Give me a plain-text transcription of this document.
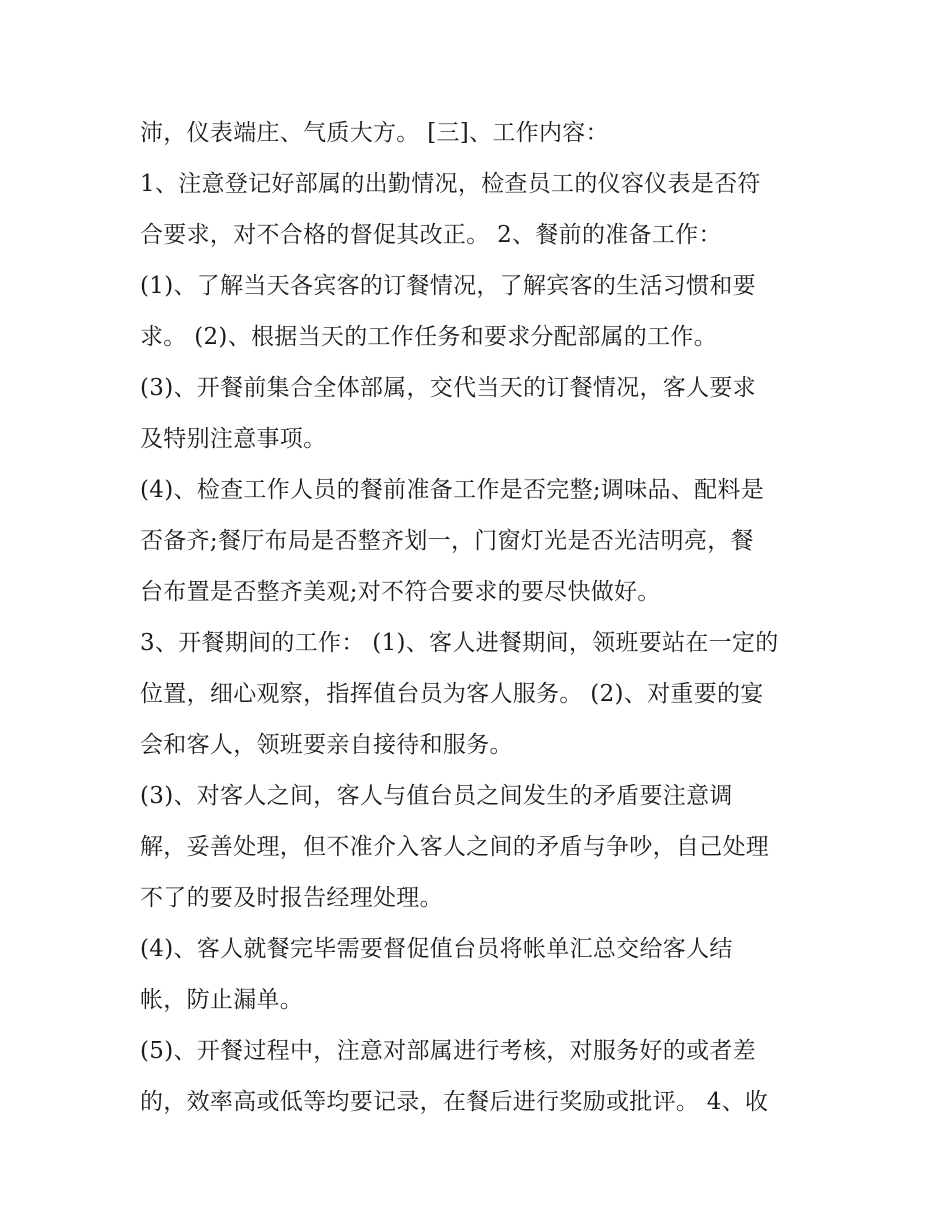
沛，仪表端庄、气质大方。 [三]、工作内容：
1、注意登记好部属的出勤情况，检查员工的仪容仪表是否符
合要求，对不合格的督促其改正。 2、餐前的准备工作：
(1)、了解当天各宾客的订餐情况，了解宾客的生活习惯和要
求。 (2)、根据当天的工作任务和要求分配部属的工作。
(3)、开餐前集合全体部属，交代当天的订餐情况，客人要求
及特别注意事项。
(4)、检查工作人员的餐前准备工作是否完整;调味品、配料是
否备齐;餐厅布局是否整齐划一，门窗灯光是否光洁明亮，餐
台布置是否整齐美观;对不符合要求的要尽快做好。
3、开餐期间的工作： (1)、客人进餐期间，领班要站在一定的
位置，细心观察，指挥值台员为客人服务。 (2)、对重要的宴
会和客人，领班要亲自接待和服务。
(3)、对客人之间，客人与值台员之间发生的矛盾要注意调
解，妥善处理，但不准介入客人之间的矛盾与争吵，自己处理
不了的要及时报告经理处理。
(4)、客人就餐完毕需要督促值台员将帐单汇总交给客人结
帐，防止漏单。
(5)、开餐过程中，注意对部属进行考核，对服务好的或者差
的，效率高或低等均要记录，在餐后进行奖励或批评。 4、收
